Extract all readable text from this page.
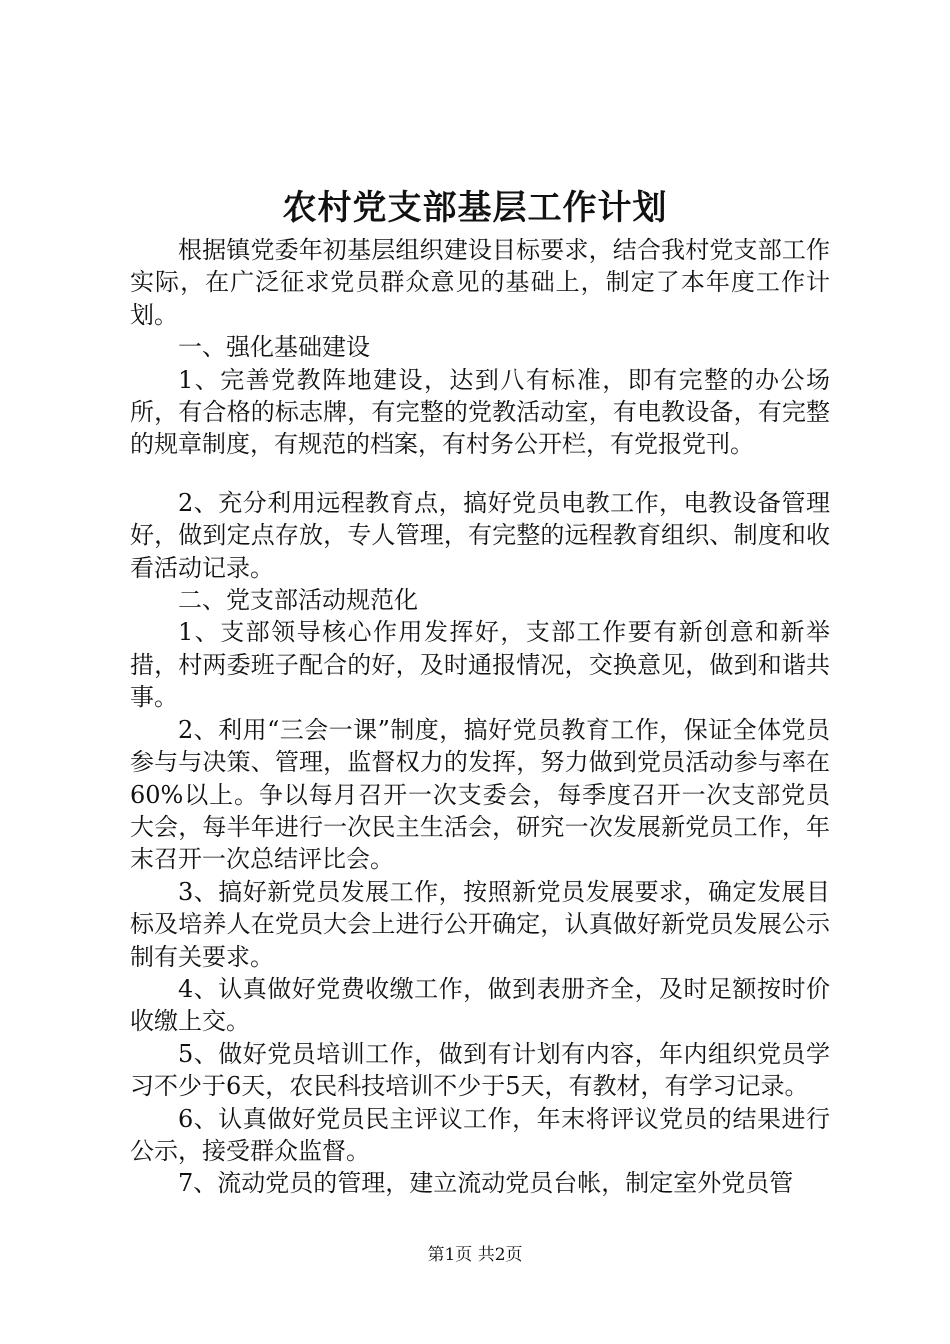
农村党支部基层工作计划

根据镇党委年初基层组织建设目标要求，结合我村党支部工作实际，在广泛征求党员群众意见的基础上，制定了本年度工作计划。

一、强化基础建设

1、完善党教阵地建设，达到八有标准，即有完整的办公场所，有合格的标志牌，有完整的党教活动室，有电教设备，有完整的规章制度，有规范的档案，有村务公开栏，有党报党刊。

2、充分利用远程教育点，搞好党员电教工作，电教设备管理好，做到定点存放，专人管理，有完整的远程教育组织、制度和收看活动记录。

二、党支部活动规范化

1、支部领导核心作用发挥好，支部工作要有新创意和新举措，村两委班子配合的好，及时通报情况，交换意见，做到和谐共事。

2、利用“三会一课”制度，搞好党员教育工作，保证全体党员参与与决策、管理，监督权力的发挥，努力做到党员活动参与率在60%以上。争以每月召开一次支委会，每季度召开一次支部党员大会，每半年进行一次民主生活会，研究一次发展新党员工作，年末召开一次总结评比会。

3、搞好新党员发展工作，按照新党员发展要求，确定发展目标及培养人在党员大会上进行公开确定，认真做好新党员发展公示制有关要求。

4、认真做好党费收缴工作，做到表册齐全，及时足额按时价收缴上交。

5、做好党员培训工作，做到有计划有内容，年内组织党员学习不少于6天，农民科技培训不少于5天，有教材，有学习记录。

6、认真做好党员民主评议工作，年末将评议党员的结果进行公示，接受群众监督。

7、流动党员的管理，建立流动党员台帐，制定室外党员管

第1页 共2页
